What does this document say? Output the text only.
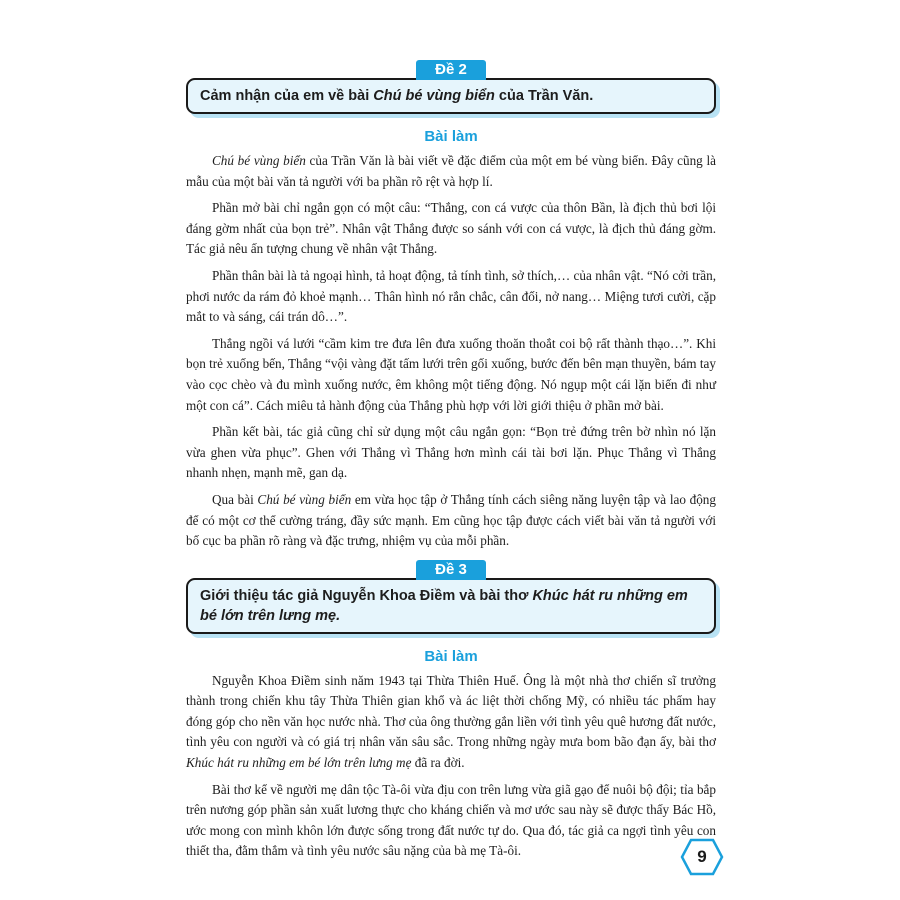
Đề 2
Cảm nhận của em về bài Chú bé vùng biển của Trần Văn.
Bài làm

Chú bé vùng biển của Trần Văn là bài viết về đặc điểm của một em bé vùng biển. Đây cũng là mẫu của một bài văn tả người với ba phần rõ rệt và hợp lí.

Phần mở bài chỉ ngắn gọn có một câu: “Thắng, con cá vược của thôn Bần, là địch thủ bơi lội đáng gờm nhất của bọn trẻ”. Nhân vật Thắng được so sánh với con cá vược, là địch thủ đáng gờm. Tác giả nêu ấn tượng chung về nhân vật Thắng.

Phần thân bài là tả ngoại hình, tả hoạt động, tả tính tình, sở thích,… của nhân vật. “Nó cởi trần, phơi nước da rám đỏ khoẻ mạnh… Thân hình nó rắn chắc, cân đối, nở nang… Miệng tươi cười, cặp mắt to và sáng, cái trán dô…”.

Thắng ngồi vá lưới “cầm kim tre đưa lên đưa xuống thoăn thoắt coi bộ rất thành thạo…”. Khi bọn trẻ xuống bến, Thắng “vội vàng đặt tấm lưới trên gối xuống, bước đến bên mạn thuyền, bám tay vào cọc chèo và đu mình xuống nước, êm không một tiếng động. Nó ngụp một cái lặn biến đi như một con cá”. Cách miêu tả hành động của Thắng phù hợp với lời giới thiệu ở phần mở bài.

Phần kết bài, tác giả cũng chỉ sử dụng một câu ngắn gọn: “Bọn trẻ đứng trên bờ nhìn nó lặn vừa ghen vừa phục”. Ghen với Thắng vì Thắng hơn mình cái tài bơi lặn. Phục Thắng vì Thắng nhanh nhẹn, mạnh mẽ, gan dạ.

Qua bài Chú bé vùng biển em vừa học tập ở Thắng tính cách siêng năng luyện tập và lao động để có một cơ thể cường tráng, đầy sức mạnh. Em cũng học tập được cách viết bài văn tả người với bố cục ba phần rõ ràng và đặc trưng, nhiệm vụ của mỗi phần.

Đề 3
Giới thiệu tác giả Nguyễn Khoa Điềm và bài thơ Khúc hát ru những em bé lớn trên lưng mẹ.
Bài làm

Nguyễn Khoa Điềm sinh năm 1943 tại Thừa Thiên Huế. Ông là một nhà thơ chiến sĩ trưởng thành trong chiến khu tây Thừa Thiên gian khổ và ác liệt thời chống Mỹ, có nhiều tác phẩm hay đóng góp cho nền văn học nước nhà. Thơ của ông thường gắn liền với tình yêu quê hương đất nước, tình yêu con người và có giá trị nhân văn sâu sắc. Trong những ngày mưa bom bão đạn ấy, bài thơ Khúc hát ru những em bé lớn trên lưng mẹ đã ra đời.

Bài thơ kể về người mẹ dân tộc Tà-ôi vừa địu con trên lưng vừa giã gạo để nuôi bộ đội; tỉa bắp trên nương góp phần sản xuất lương thực cho kháng chiến và mơ ước sau này sẽ được thấy Bác Hồ, ước mong con mình khôn lớn được sống trong đất nước tự do. Qua đó, tác giả ca ngợi tình yêu con thiết tha, đằm thắm và tình yêu nước sâu nặng của bà mẹ Tà-ôi.	9
